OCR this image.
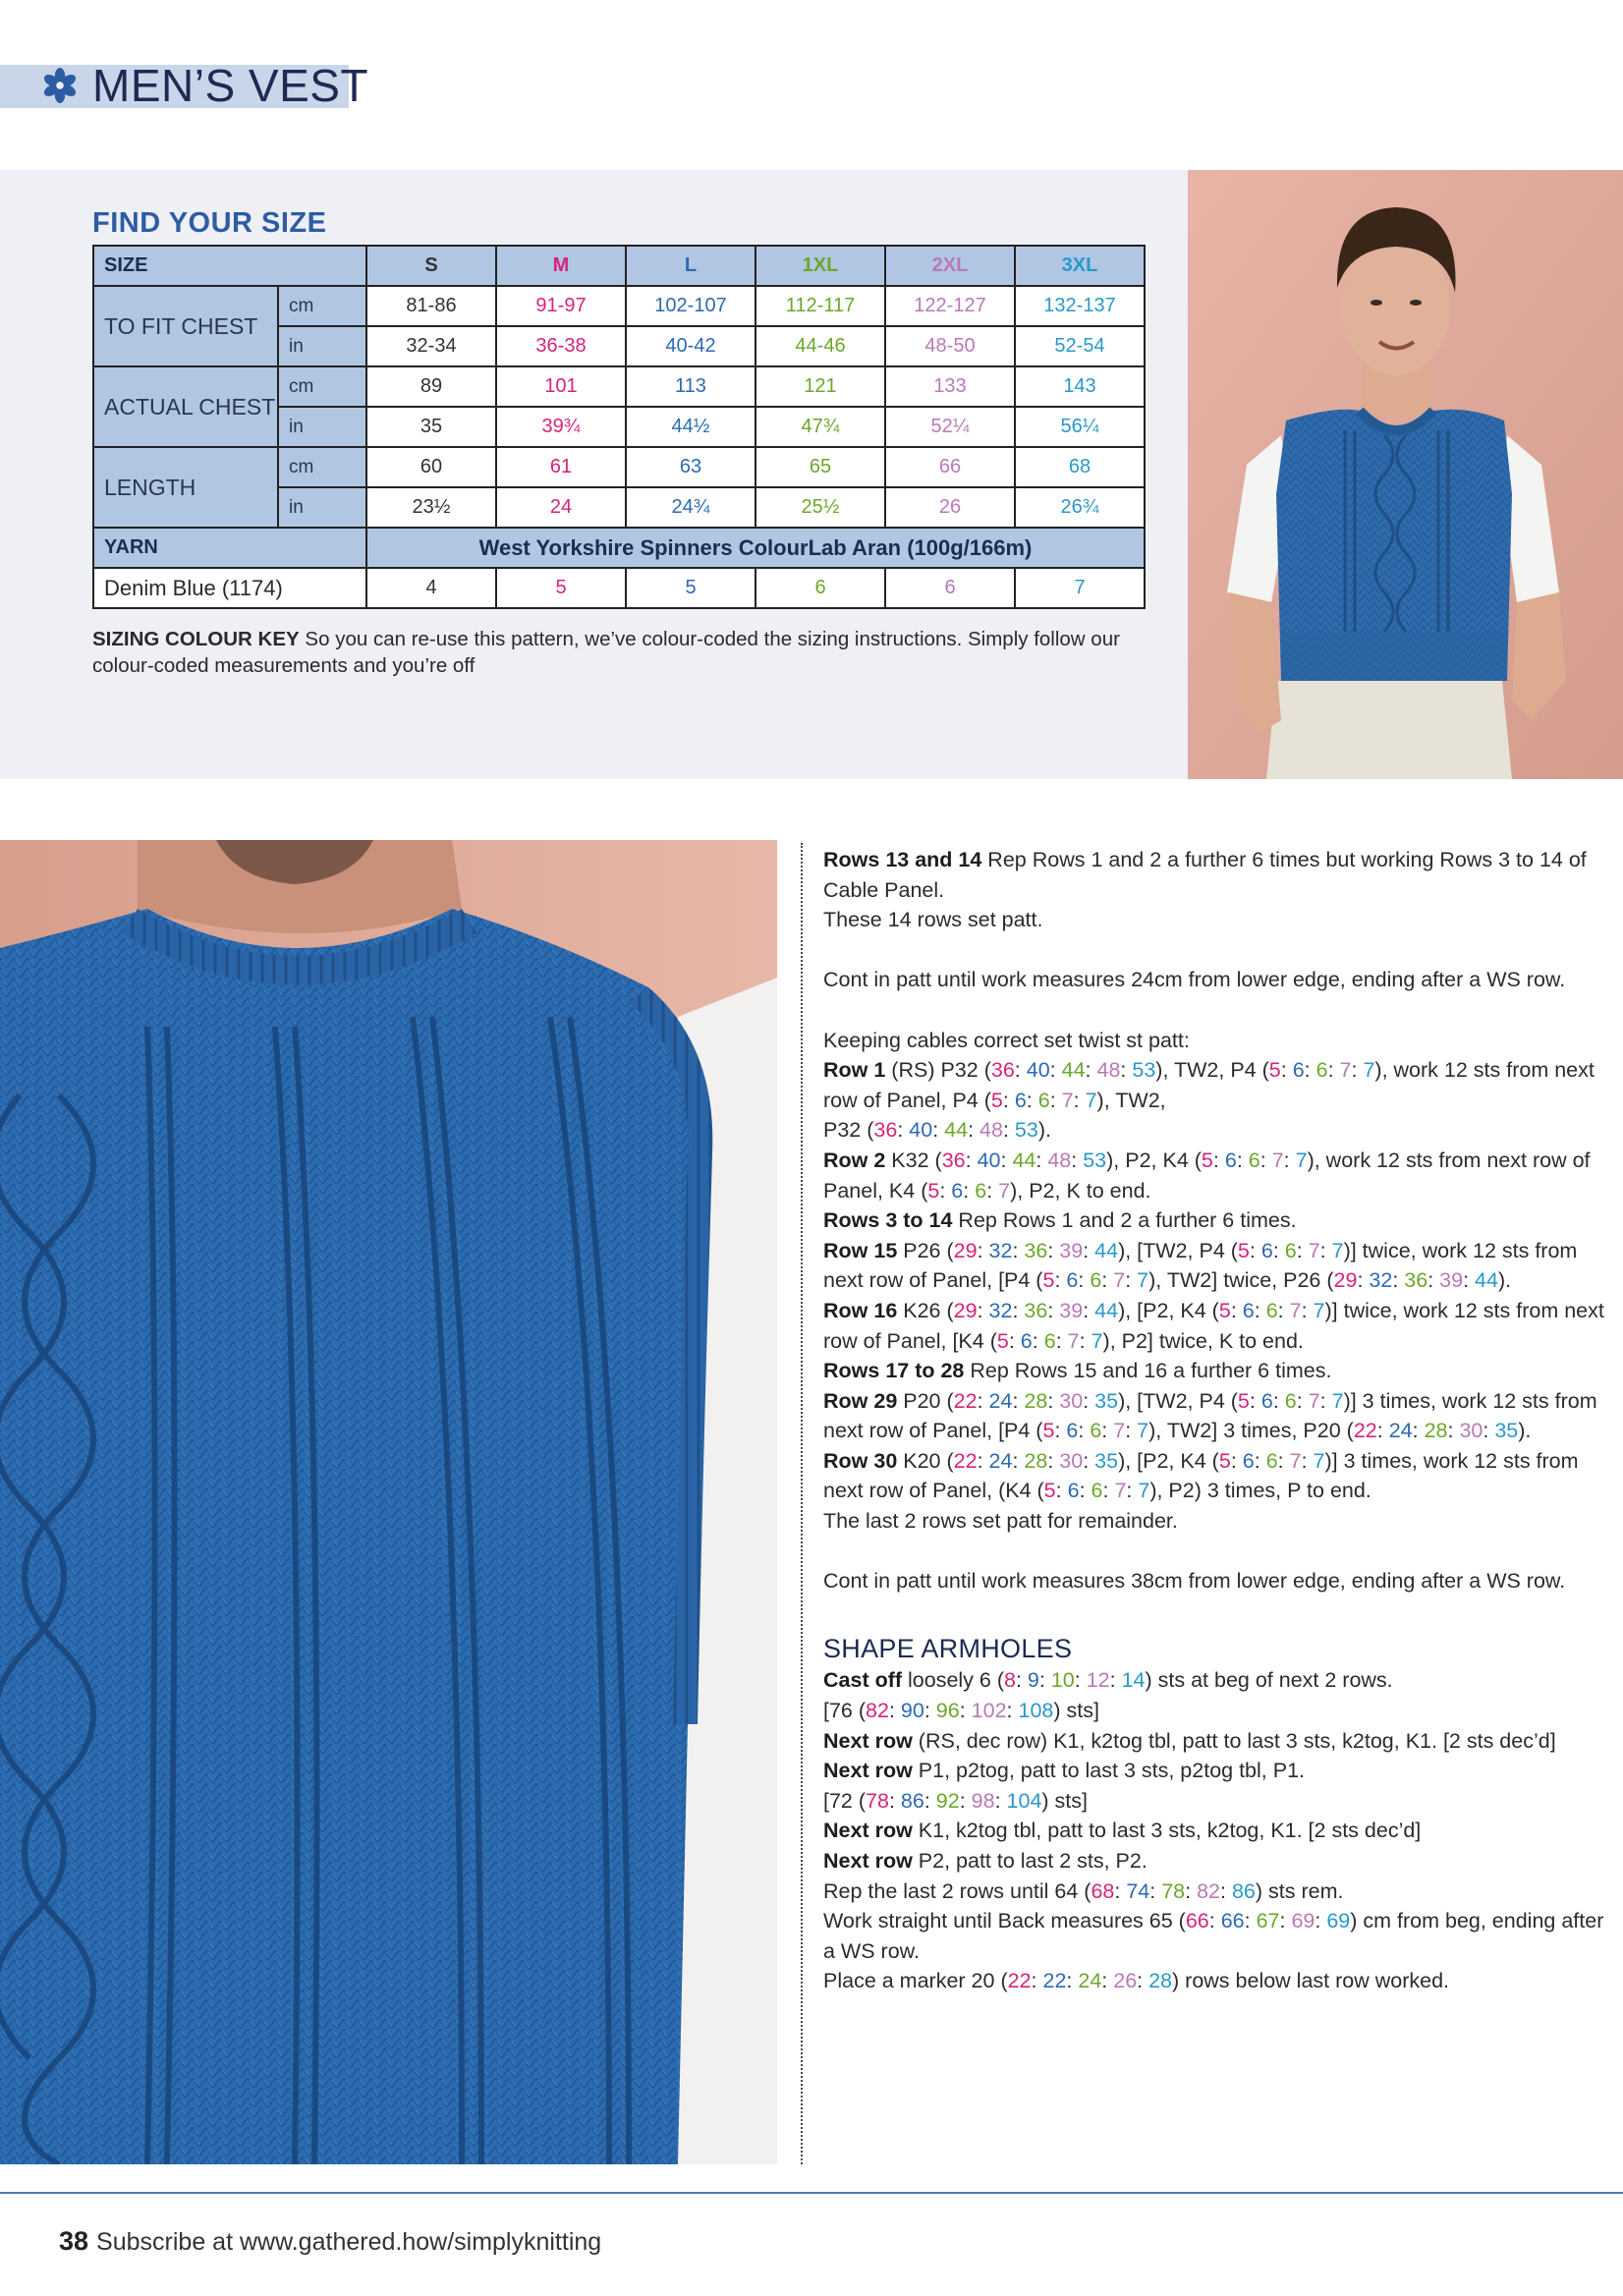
MEN’S VEST
FIND YOUR SIZE
SIZE		S	M	L	1XL	2XL	3XL
TO FIT CHEST	cm	81-86	91-97	102-107	112-117	122-127	132-137
	in	32-34	36-38	40-42	44-46	48-50	52-54
ACTUAL CHEST	cm	89	101	113	121	133	143
	in	35	39¾	44½	47¾	52¼	56¼
LENGTH	cm	60	61	63	65	66	68
	in	23½	24	24¾	25½	26	26¾
YARN		West Yorkshire Spinners ColourLab Aran (100g/166m)					
Denim Blue (1174)		4	5	5	6	6	7
SIZING COLOUR KEY So you can re-use this pattern, we’ve colour-coded the sizing instructions. Simply follow our colour-coded measurements and you’re off

Rows 13 and 14 Rep Rows 1 and 2 a further 6 times but working Rows 3 to 14 of Cable Panel.

These 14 rows set patt.

Cont in patt until work measures 24cm from lower edge, ending after a WS row.

Keeping cables correct set twist st patt:

Row 1 (RS) P32 (36: 40: 44: 48: 53), TW2, P4 (5: 6: 6: 7: 7), work 12 sts from next row of Panel, P4 (5: 6: 6: 7: 7), TW2,

P32 (36: 40: 44: 48: 53).

Row 2 K32 (36: 40: 44: 48: 53), P2, K4 (5: 6: 6: 7: 7), work 12 sts from next row of Panel, K4 (5: 6: 6: 7), P2, K to end.

Rows 3 to 14 Rep Rows 1 and 2 a further 6 times.

Row 15 P26 (29: 32: 36: 39: 44), [TW2, P4 (5: 6: 6: 7: 7)] twice, work 12 sts from next row of Panel, [P4 (5: 6: 6: 7: 7), TW2] twice, P26 (29: 32: 36: 39: 44).

Row 16 K26 (29: 32: 36: 39: 44), [P2, K4 (5: 6: 6: 7: 7)] twice, work 12 sts from next row of Panel, [K4 (5: 6: 6: 7: 7), P2] twice, K to end.

Rows 17 to 28 Rep Rows 15 and 16 a further 6 times.

Row 29 P20 (22: 24: 28: 30: 35), [TW2, P4 (5: 6: 6: 7: 7)] 3 times, work 12 sts from next row of Panel, [P4 (5: 6: 6: 7: 7), TW2] 3 times, P20 (22: 24: 28: 30: 35).

Row 30 K20 (22: 24: 28: 30: 35), [P2, K4 (5: 6: 6: 7: 7)] 3 times, work 12 sts from next row of Panel, (K4 (5: 6: 6: 7: 7), P2) 3 times, P to end.

The last 2 rows set patt for remainder.

Cont in patt until work measures 38cm from lower edge, ending after a WS row.

SHAPE ARMHOLES

Cast off loosely 6 (8: 9: 10: 12: 14) sts at beg of next 2 rows.

[76 (82: 90: 96: 102: 108) sts]

Next row (RS, dec row) K1, k2tog tbl, patt to last 3 sts, k2tog, K1. [2 sts dec’d]

Next row P1, p2tog, patt to last 3 sts, p2tog tbl, P1.

[72 (78: 86: 92: 98: 104) sts]

Next row K1, k2tog tbl, patt to last 3 sts, k2tog, K1. [2 sts dec’d]

Next row P2, patt to last 2 sts, P2.

Rep the last 2 rows until 64 (68: 74: 78: 82: 86) sts rem.

Work straight until Back measures 65 (66: 66: 67: 69: 69) cm from beg, ending after a WS row.

Place a marker 20 (22: 22: 24: 26: 28) rows below last row worked.

38 Subscribe at www.gathered.how/simplyknitting
